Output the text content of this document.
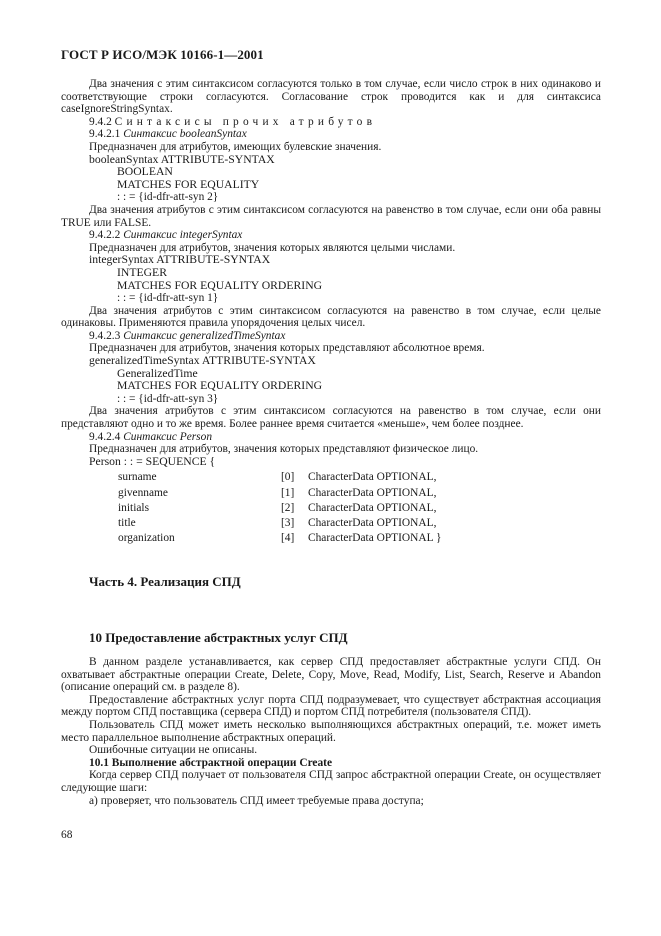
ГОСТ Р ИСО/МЭК 10166-1—2001

Два значения с этим синтаксисом согласуются только в том случае, если число строк в них одинаково и соответствующие строки согласуются. Согласование строк проводится как и для синтаксиса caseIgnoreStringSyntax.

9.4.2 Синтаксисы прочих атрибутов
9.4.2.1 Синтаксис booleanSyntax
Предназначен для атрибутов, имеющих булевские значения.
booleanSyntax ATTRIBUTE-SYNTAX
BOOLEAN
MATCHES FOR EQUALITY
: : = {id-dfr-att-syn 2}

Два значения атрибутов с этим синтаксисом согласуются на равенство в том случае, если они оба равны TRUE или FALSE.

9.4.2.2 Синтаксис integerSyntax
Предназначен для атрибутов, значения которых являются целыми числами.
integerSyntax ATTRIBUTE-SYNTAX
INTEGER
MATCHES FOR EQUALITY ORDERING
: : = {id-dfr-att-syn 1}

Два значения атрибутов с этим синтаксисом согласуются на равенство в том случае, если целые одинаковы. Применяются правила упорядочения целых чисел.

9.4.2.3 Синтаксис generalizedTimeSyntax
Предназначен для атрибутов, значения которых представляют абсолютное время.
generalizedTimeSyntax ATTRIBUTE-SYNTAX
GeneralizedTime
MATCHES FOR EQUALITY ORDERING
: : = {id-dfr-att-syn 3}

Два значения атрибутов с этим синтаксисом согласуются на равенство в том случае, если они представляют одно и то же время. Более раннее время считается «меньше», чем более позднее.

9.4.2.4 Синтаксис Person
Предназначен для атрибутов, значения которых представляют физическое лицо.
Person : : = SEQUENCE {
surname	[0]	CharacterData OPTIONAL,
givenname	[1]	CharacterData OPTIONAL,
initials	[2]	CharacterData OPTIONAL,
title	[3]	CharacterData OPTIONAL,
organization	[4]	CharacterData OPTIONAL }
Часть 4. Реализация СПД
10 Предоставление абстрактных услуг СПД

В данном разделе устанавливается, как сервер СПД предоставляет абстрактные услуги СПД. Он охватывает абстрактные операции Create, Delete, Copy, Move, Read, Modify, List, Search, Reserve и Abandon (описание операций см. в разделе 8).

Предоставление абстрактных услуг порта СПД подразумевает, что существует абстрактная ассоциация между портом СПД поставщика (сервера СПД) и портом СПД потребителя (пользователя СПД).

Пользователь СПД может иметь несколько выполняющихся абстрактных операций, т.е. может иметь место параллельное выполнение абстрактных операций.

Ошибочные ситуации не описаны.

10.1 Выполнение абстрактной операции Create

Когда сервер СПД получает от пользователя СПД запрос абстрактной операции Create, он осуществляет следующие шаги:

а) проверяет, что пользователь СПД имеет требуемые права доступа;

68
